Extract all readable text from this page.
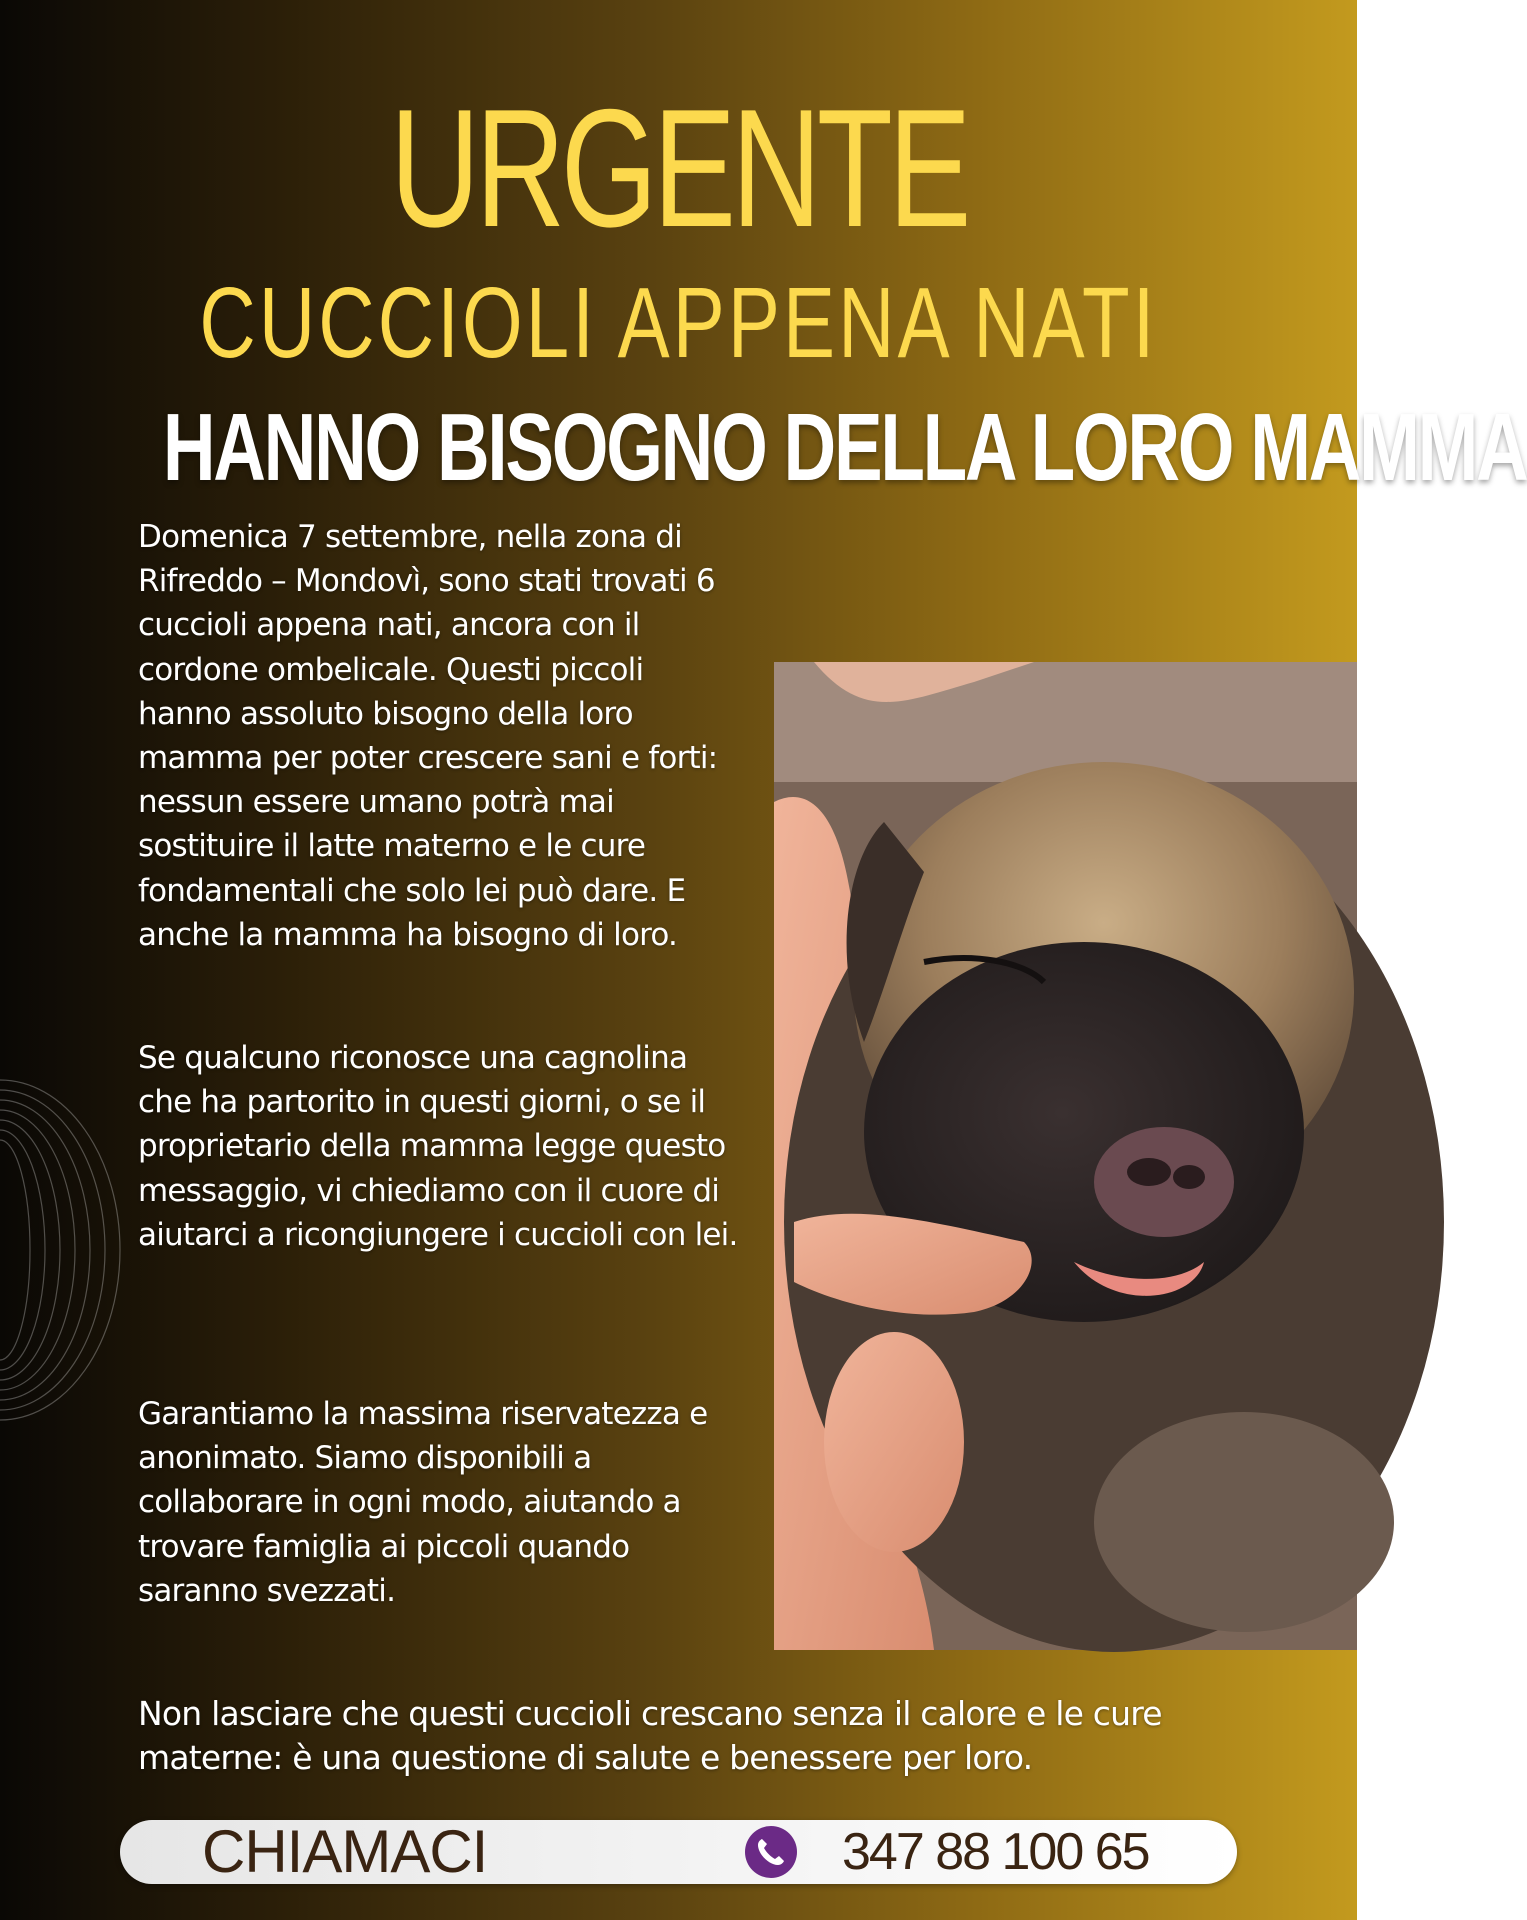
URGENTE
CUCCIOLI APPENA NATI
HANNO BISOGNO DELLA LORO MAMMA

Domenica 7 settembre, nella zona di Rifreddo – Mondovì, sono stati trovati 6 cuccioli appena nati, ancora con il cordone ombelicale. Questi piccoli hanno assoluto bisogno della loro mamma per poter crescere sani e forti: nessun essere umano potrà mai sostituire il latte materno e le cure fondamentali che solo lei può dare. E anche la mamma ha bisogno di loro.

Se qualcuno riconosce una cagnolina che ha partorito in questi giorni, o se il proprietario della mamma legge questo messaggio, vi chiediamo con il cuore di aiutarci a ricongiungere i cuccioli con lei.

Garantiamo la massima riservatezza e anonimato. Siamo disponibili a collaborare in ogni modo, aiutando a trovare famiglia ai piccoli quando saranno svezzati.

Non lasciare che questi cuccioli crescano senza il calore e le cure materne: è una questione di salute e benessere per loro.

CHIAMACI	347 88 100 65
